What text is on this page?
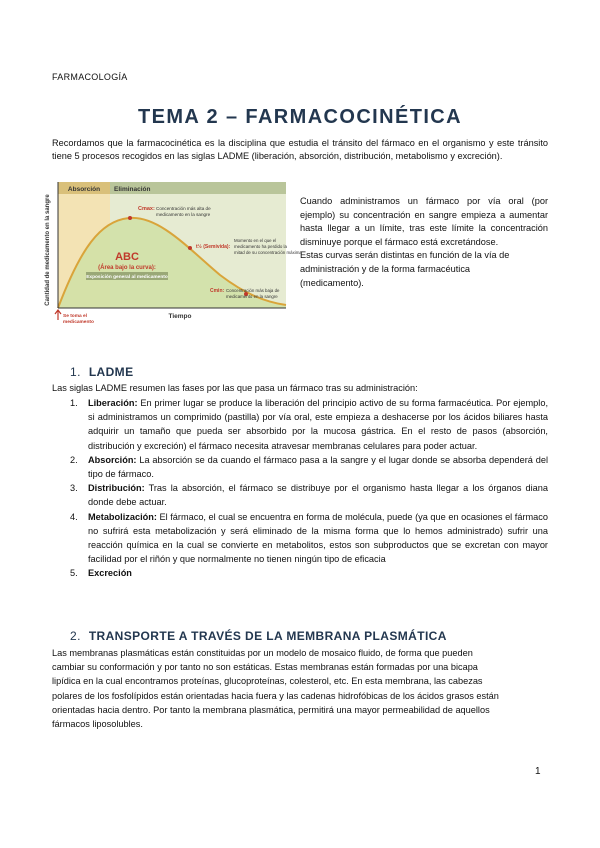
FARMACOLOGÍA
TEMA 2 – FARMACOCINÉTICA
Recordamos que la farmacocinética es la disciplina que estudia el tránsito del fármaco en el organismo y este tránsito tiene 5 procesos recogidos en las siglas LADME (liberación, absorción, distribución, metabolismo y excreción).
Absorción Eliminación
Cantidad de medicamento en la sangre
Tiempo
Cmax: Concentración más alta de
medicamento en la sangre
t½ (Semivida):
Momento en el que el
medicamento ha perdido la
mitad de su concentración máxima
Cmin: Concentración más baja de
medicamento en la sangre
ABC
(Área bajo la curva):
Exposición general al medicamento
Se toma el
medicamento

Cuando administramos un fármaco por vía oral (por ejemplo) su concentración en sangre empieza a aumentar hasta llegar a un límite, tras este límite la concentración disminuye porque el fármaco está excretándose.

Estas curvas serán distintas en función de la vía de administración y de la forma farmacéutica (medicamento).

1. LADME
Las siglas LADME resumen las fases por las que pasa un fármaco tras su administración:
1. Liberación: En primer lugar se produce la liberación del principio activo de su forma farmacéutica. Por ejemplo, si administramos un comprimido (pastilla) por vía oral, este empieza a deshacerse por los ácidos biliares hasta adquirir un tamaño que pueda ser absorbido por la mucosa gástrica. En el resto de pasos (absorción, distribución y excreción) el fármaco necesita atravesar membranas celulares para poder actuar.
2. Absorción: La absorción se da cuando el fármaco pasa a la sangre y el lugar donde se absorba dependerá del tipo de fármaco.
3. Distribución: Tras la absorción, el fármaco se distribuye por el organismo hasta llegar a los órganos diana donde debe actuar.
4. Metabolización: El fármaco, el cual se encuentra en forma de molécula, puede (ya que en ocasiones el fármaco no sufrirá esta metabolización y será eliminado de la misma forma que lo hemos administrado) sufrir una reacción química en la cual se convierte en metabolitos, estos son subproductos que se excretan con mayor facilidad por el riñón y que normalmente no tienen ningún tipo de eficacia
5. Excreción
2. TRANSPORTE A TRAVÉS DE LA MEMBRANA PLASMÁTICA
Las membranas plasmáticas están constituidas por un modelo de mosaico fluido, de forma que pueden cambiar su conformación y por tanto no son estáticas. Estas membranas están formadas por una bicapa lipídica en la cual encontramos proteínas, glucoproteínas, colesterol, etc. En esta membrana, las cabezas polares de los fosfolípidos están orientadas hacia fuera y las cadenas hidrofóbicas de los ácidos grasos están orientadas hacia dentro. Por tanto la membrana plasmática, permitirá una mayor permeabilidad de aquellos fármacos liposolubles.
1
